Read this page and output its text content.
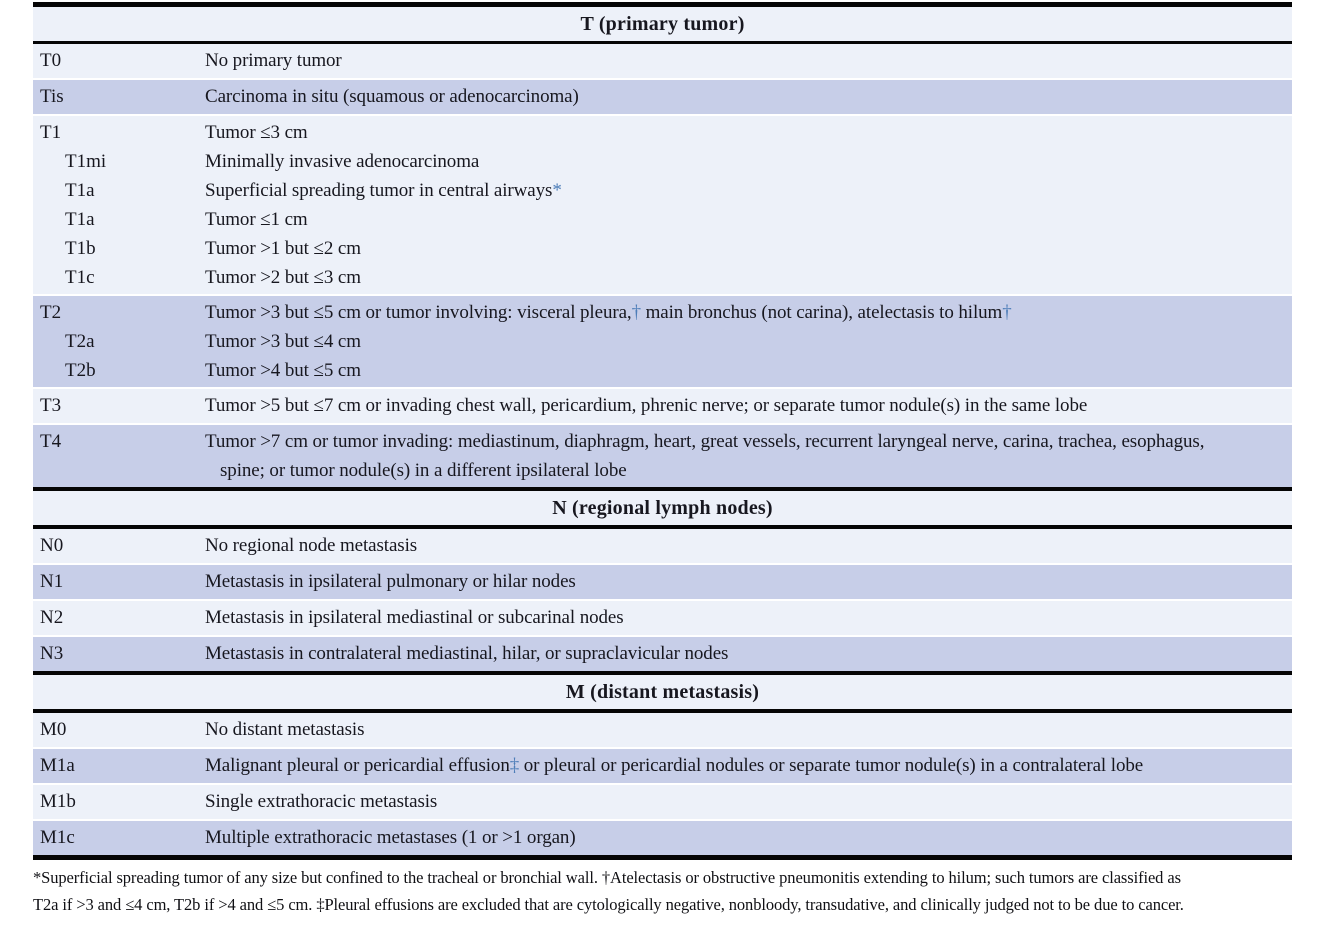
T (primary tumor)
T0	No primary tumor
Tis	Carcinoma in situ (squamous or adenocarcinoma)
T1	Tumor ≤3 cm
T1mi	Minimally invasive adenocarcinoma
T1a	Superficial spreading tumor in central airways*
T1a	Tumor ≤1 cm
T1b	Tumor >1 but ≤2 cm
T1c	Tumor >2 but ≤3 cm
T2	Tumor >3 but ≤5 cm or tumor involving: visceral pleura,† main bronchus (not carina), atelectasis to hilum†
T2a	Tumor >3 but ≤4 cm
T2b	Tumor >4 but ≤5 cm
T3	Tumor >5 but ≤7 cm or invading chest wall, pericardium, phrenic nerve; or separate tumor nodule(s) in the same lobe
T4	Tumor >7 cm or tumor invading: mediastinum, diaphragm, heart, great vessels, recurrent laryngeal nerve, carina, trachea, esophagus,
spine; or tumor nodule(s) in a different ipsilateral lobe
N (regional lymph nodes)
N0	No regional node metastasis
N1	Metastasis in ipsilateral pulmonary or hilar nodes
N2	Metastasis in ipsilateral mediastinal or subcarinal nodes
N3	Metastasis in contralateral mediastinal, hilar, or supraclavicular nodes
M (distant metastasis)
M0	No distant metastasis
M1a	Malignant pleural or pericardial effusion‡ or pleural or pericardial nodules or separate tumor nodule(s) in a contralateral lobe
M1b	Single extrathoracic metastasis
M1c	Multiple extrathoracic metastases (1 or >1 organ)
*Superficial spreading tumor of any size but confined to the tracheal or bronchial wall. †Atelectasis or obstructive pneumonitis extending to hilum; such tumors are classified as
T2a if >3 and ≤4 cm, T2b if >4 and ≤5 cm. ‡Pleural effusions are excluded that are cytologically negative, nonbloody, transudative, and clinically judged not to be due to cancer.
